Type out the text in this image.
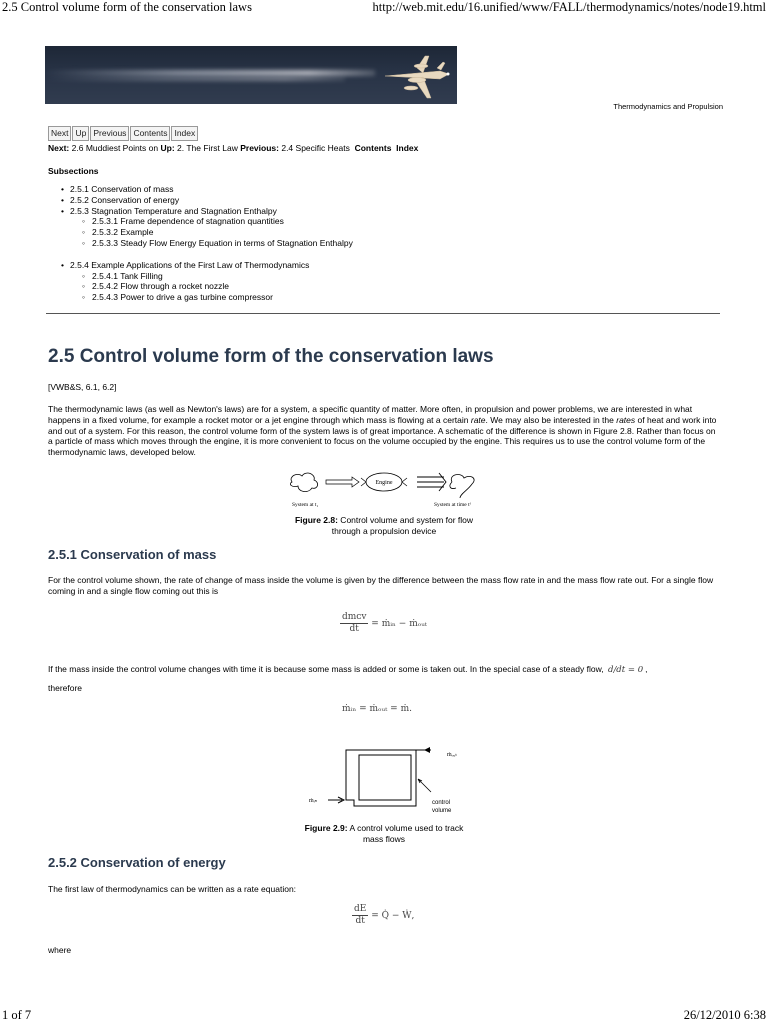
2.5 Control volume form of the conservation laws	http://web.mit.edu/16.unified/www/FALL/thermodynamics/notes/node19.html
Thermodynamics and Propulsion
Next Up Previous Contents Index
Next: 2.6 Muddiest Points on Up: 2. The First Law Previous: 2.4 Specific Heats Contents Index
Subsections
• 2.5.1 Conservation of mass
• 2.5.2 Conservation of energy
• 2.5.3 Stagnation Temperature and Stagnation Enthalpy
◦ 2.5.3.1 Frame dependence of stagnation quantities
◦ 2.5.3.2 Example
◦ 2.5.3.3 Steady Flow Energy Equation in terms of Stagnation Enthalpy
• 2.5.4 Example Applications of the First Law of Thermodynamics
◦ 2.5.4.1 Tank Filling
◦ 2.5.4.2 Flow through a rocket nozzle
◦ 2.5.4.3 Power to drive a gas turbine compressor
2.5 Control volume form of the conservation laws
[VWB&S, 6.1, 6.2]

The thermodynamic laws (as well as Newton's laws) are for a system, a specific quantity of matter. More often, in propulsion and power problems, we are interested in what happens in a fixed volume, for example a rocket motor or a jet engine through which mass is flowing at a certain rate. We may also be interested in the rates of heat and work into and out of a system. For this reason, the control volume form of the system laws is of great importance. A schematic of the difference is shown in Figure 2.8. Rather than focus on a particle of mass which moves through the engine, it is more convenient to focus on the volume occupied by the engine. This requires us to use the control volume form of the thermodynamic laws, developed below.

Engine
System at t₁	System at time tᶠ
Figure 2.8: Control volume and system for flow through a propulsion device
2.5.1 Conservation of mass

For the control volume shown, the rate of change of mass inside the volume is given by the difference between the mass flow rate in and the mass flow rate out. For a single flow coming in and a single flow coming out this is

$\frac{\text{dmᴄᴠ}}{dt}$ = ṁᵢₙ − ṁₒᵤₜ

If the mass inside the control volume changes with time it is because some mass is added or some is taken out. In the special case of a steady flow, d/dt = 0 ,

therefore

ṁᵢₙ = ṁₒᵤₜ = ṁ.
ṁᵢₙ
ṁₒᵤₜ
control
volume
Figure 2.9: A control volume used to track mass flows
2.5.2 Conservation of energy

The first law of thermodynamics can be written as a rate equation:

$\frac{dE}{dt}$ = Q̇ − Ẇ,

where

1 of 7	26/12/2010 6:38
